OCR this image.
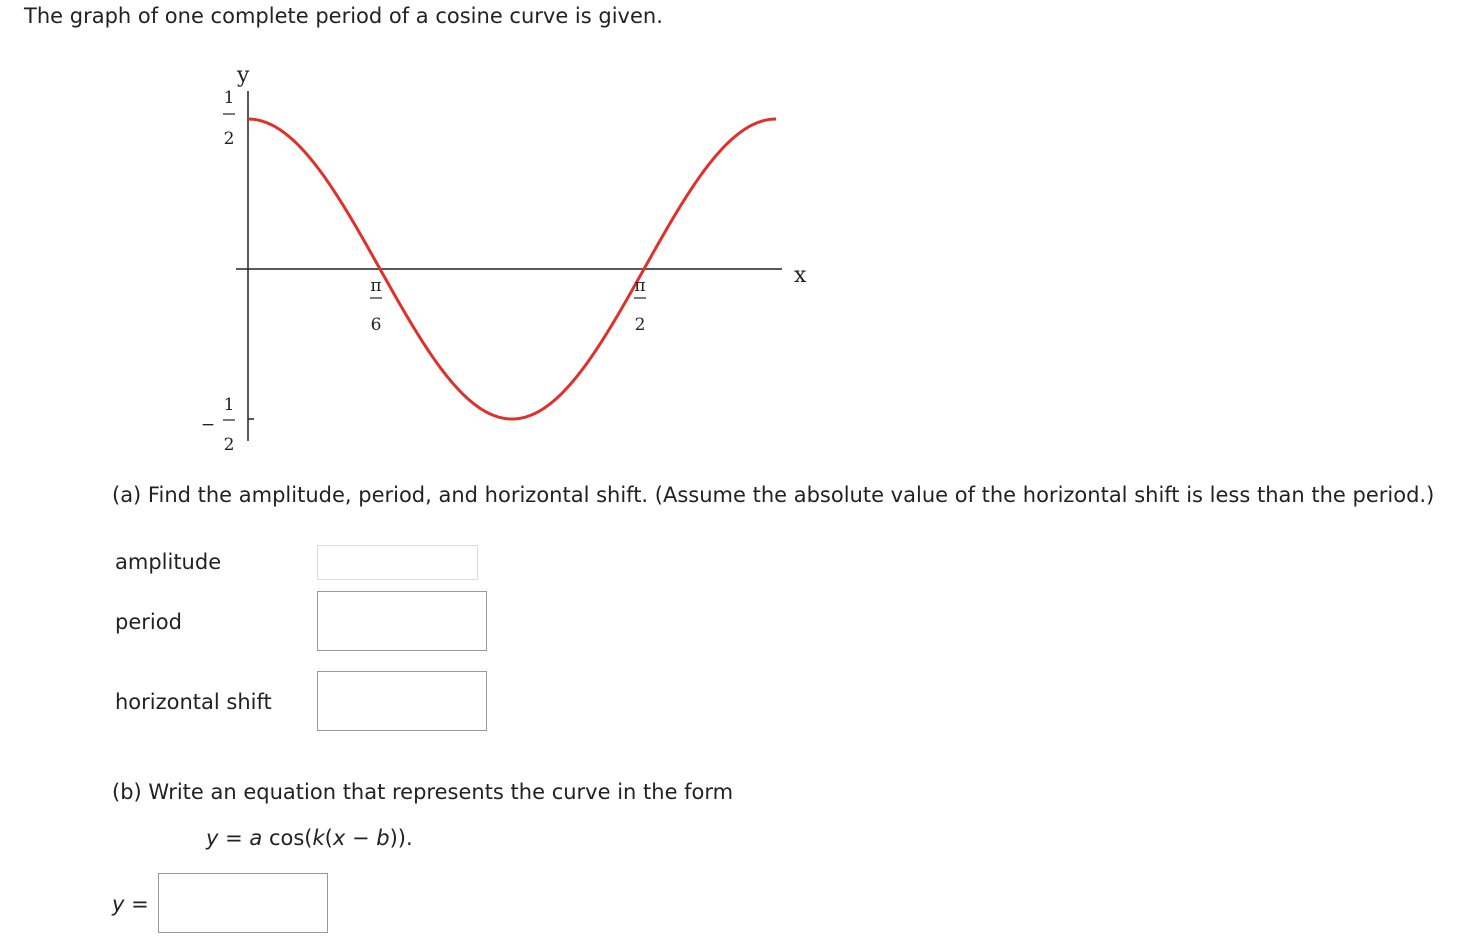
The graph of one complete period of a cosine curve is given.
y
x
1
2
−
1
2
π
6
π
2
(a) Find the amplitude, period, and horizontal shift. (Assume the absolute value of the horizontal shift is less than the period.)
amplitude
period
horizontal shift
(b) Write an equation that represents the curve in the form
y = a cos(k(x − b)).
y =
